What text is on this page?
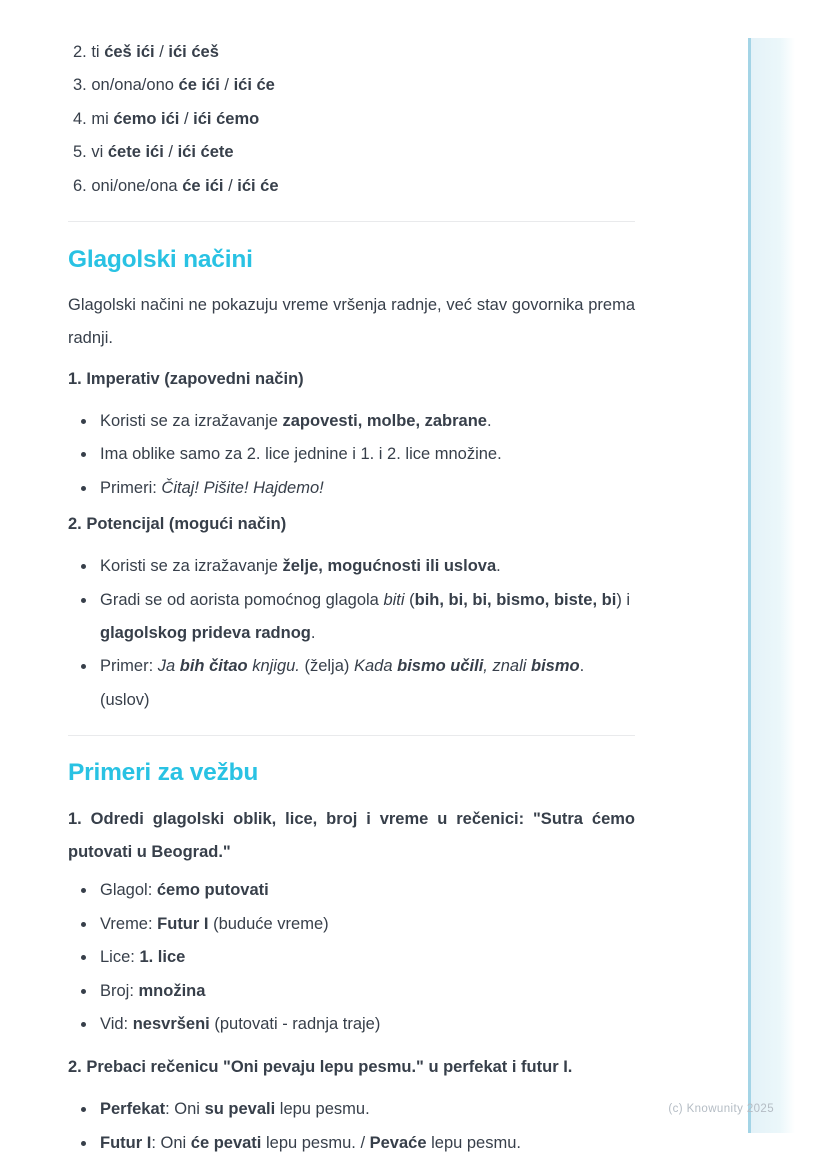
2. ti ćeš ići / ići ćeš
3. on/ona/ono će ići / ići će
4. mi ćemo ići / ići ćemo
5. vi ćete ići / ići ćete
6. oni/one/ona će ići / ići će
Glagolski načini

Glagolski načini ne pokazuju vreme vršenja radnje, već stav govornika prema radnji.

1. Imperativ (zapovedni način)

Koristi se za izražavanje zapovesti, molbe, zabrane.
Ima oblike samo za 2. lice jednine i 1. i 2. lice množine.
Primeri: Čitaj! Pišite! Hajdemo!

2. Potencijal (mogući način)

Koristi se za izražavanje želje, mogućnosti ili uslova.
Gradi se od aorista pomoćnog glagola biti (bih, bi, bi, bismo, biste, bi) i glagolskog prideva radnog.
Primer: Ja bih čitao knjigu. (želja) Kada bismo učili, znali bismo. (uslov)
Primeri za vežbu

1. Odredi glagolski oblik, lice, broj i vreme u rečenici: "Sutra ćemo putovati u Beograd."

Glagol: ćemo putovati
Vreme: Futur I (buduće vreme)
Lice: 1. lice
Broj: množina
Vid: nesvršeni (putovati - radnja traje)

2. Prebaci rečenicu "Oni pevaju lepu pesmu." u perfekat i futur I.

Perfekat: Oni su pevali lepu pesmu.
Futur I: Oni će pevati lepu pesmu. / Pevaće lepu pesmu.
(c) Knowunity 2025
